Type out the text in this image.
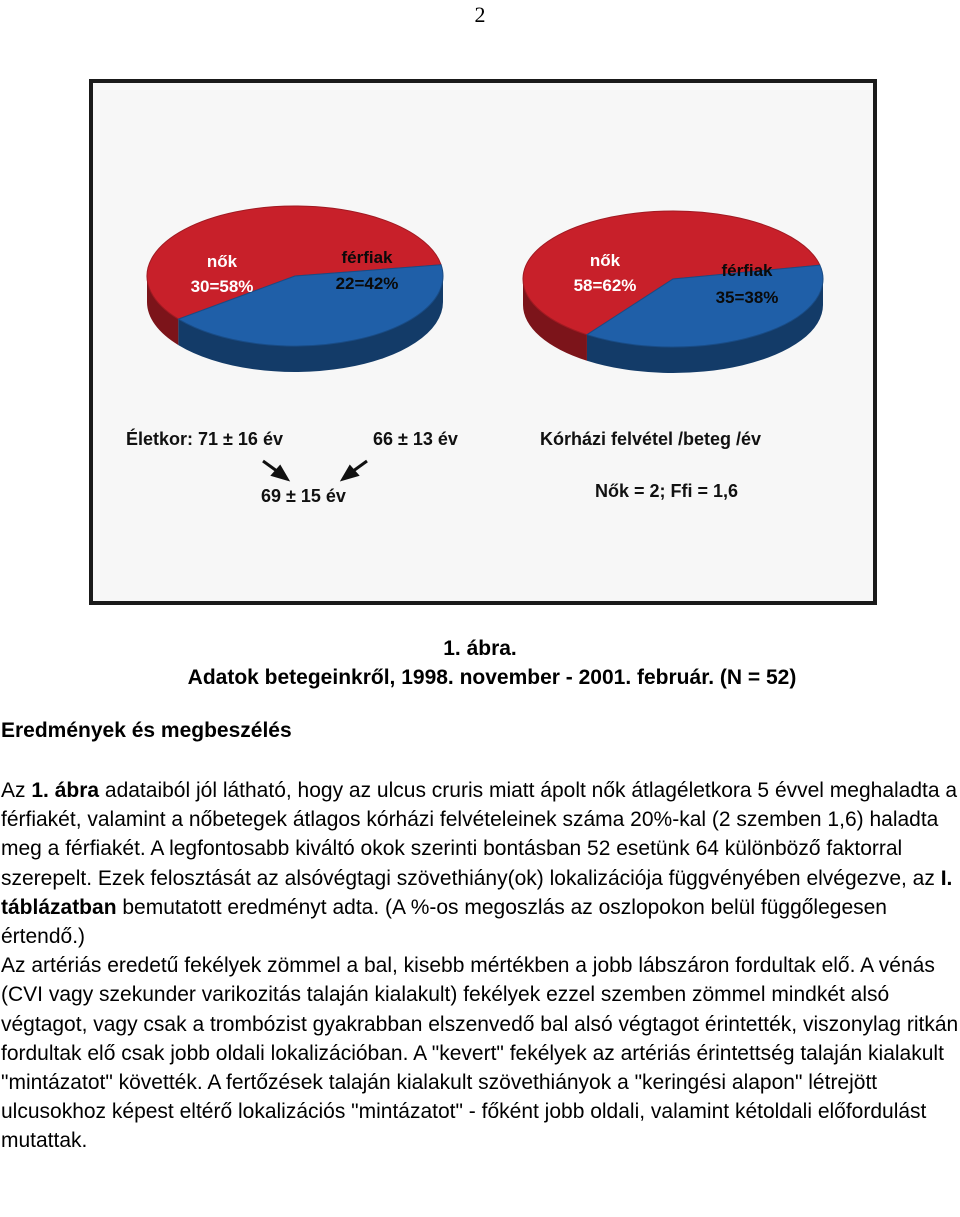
2
nők
30=58%
férfiak
22=42%
nők
58=62%
férfiak
35=38%
Életkor: 71 ± 16 év	66 ± 13 év
69 ± 15 év
Kórházi felvétel /beteg /év
Nők = 2; Ffi = 1,6
1. ábra.
Adatok betegeinkről, 1998. november - 2001. február. (N = 52)
Eredmények és megbeszélés

Az 1. ábra adataiból jól látható, hogy az ulcus cruris miatt ápolt nők átlagéletkora 5 évvel meghaladta a férfiakét, valamint a nőbetegek átlagos kórházi felvételeinek száma 20%-kal (2 szemben 1,6) haladta meg a férfiakét. A legfontosabb kiváltó okok szerinti bontásban 52 esetünk 64 különböző faktorral szerepelt. Ezek felosztását az alsóvégtagi szövethiány(ok) lokalizációja függvényében elvégezve, az I. táblázatban bemutatott eredményt adta. (A %-os megoszlás az oszlopokon belül függőlegesen értendő.)

Az artériás eredetű fekélyek zömmel a bal, kisebb mértékben a jobb lábszáron fordultak elő. A vénás (CVI vagy szekunder varikozitás talaján kialakult) fekélyek ezzel szemben zömmel mindkét alsó végtagot, vagy csak a trombózist gyakrabban elszenvedő bal alsó végtagot érintették, viszonylag ritkán fordultak elő csak jobb oldali lokalizációban. A "kevert" fekélyek az artériás érintettség talaján kialakult "mintázatot" követték. A fertőzések talaján kialakult szövethiányok a "keringési alapon" létrejött ulcusokhoz képest eltérő lokalizációs "mintázatot" - főként jobb oldali, valamint kétoldali előfordulást mutattak.
